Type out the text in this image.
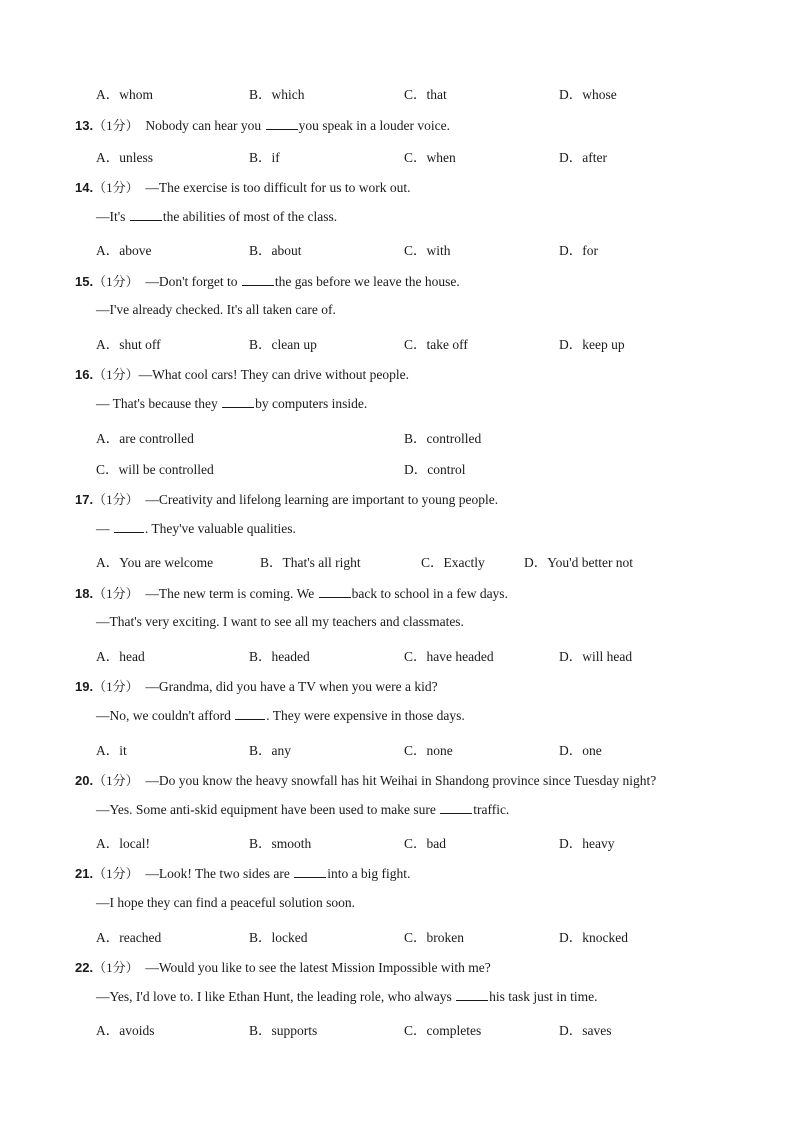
A．whom	B．which	C．that	D．whose
13.（1分） Nobody can hear you	you speak in a louder voice.
A．unless	B．if	C．when	D．after
14.（1分） —The exercise is too difficult for us to work out.
—It's	the abilities of most of the class.
A．above	B．about	C．with	D．for
15.（1分） —Don't forget to	the gas before we leave the house.
—I've already checked. It's all taken care of.
A．shut off	B．clean up	C．take off	D．keep up
16.（1分）—What cool cars! They can drive without people.
— That's because they	by computers inside.
A．are controlled	B．controlled
C．will be controlled	D．control
17.（1分） —Creativity and lifelong learning are important to young people.
—	. They've valuable qualities.
A．You are welcome	B．That's all right	C．Exactly	D．You'd better not
18.（1分） —The new term is coming. We	back to school in a few days.
—That's very exciting. I want to see all my teachers and classmates.
A．head	B．headed	C．have headed	D．will head
19.（1分） —Grandma, did you have a TV when you were a kid?
—No, we couldn't afford	. They were expensive in those days.
A．it	B．any	C．none	D．one
20.（1分） —Do you know the heavy snowfall has hit Weihai in Shandong province since Tuesday night?
—Yes. Some anti-skid equipment have been used to make sure	traffic.
A．local!	B．smooth	C．bad	D．heavy
21.（1分） —Look! The two sides are	into a big fight.
—I hope they can find a peaceful solution soon.
A．reached	B．locked	C．broken	D．knocked
22.（1分） —Would you like to see the latest Mission Impossible with me?
—Yes, I'd love to. I like Ethan Hunt, the leading role, who always	his task just in time.
A．avoids	B．supports	C．completes	D．saves
